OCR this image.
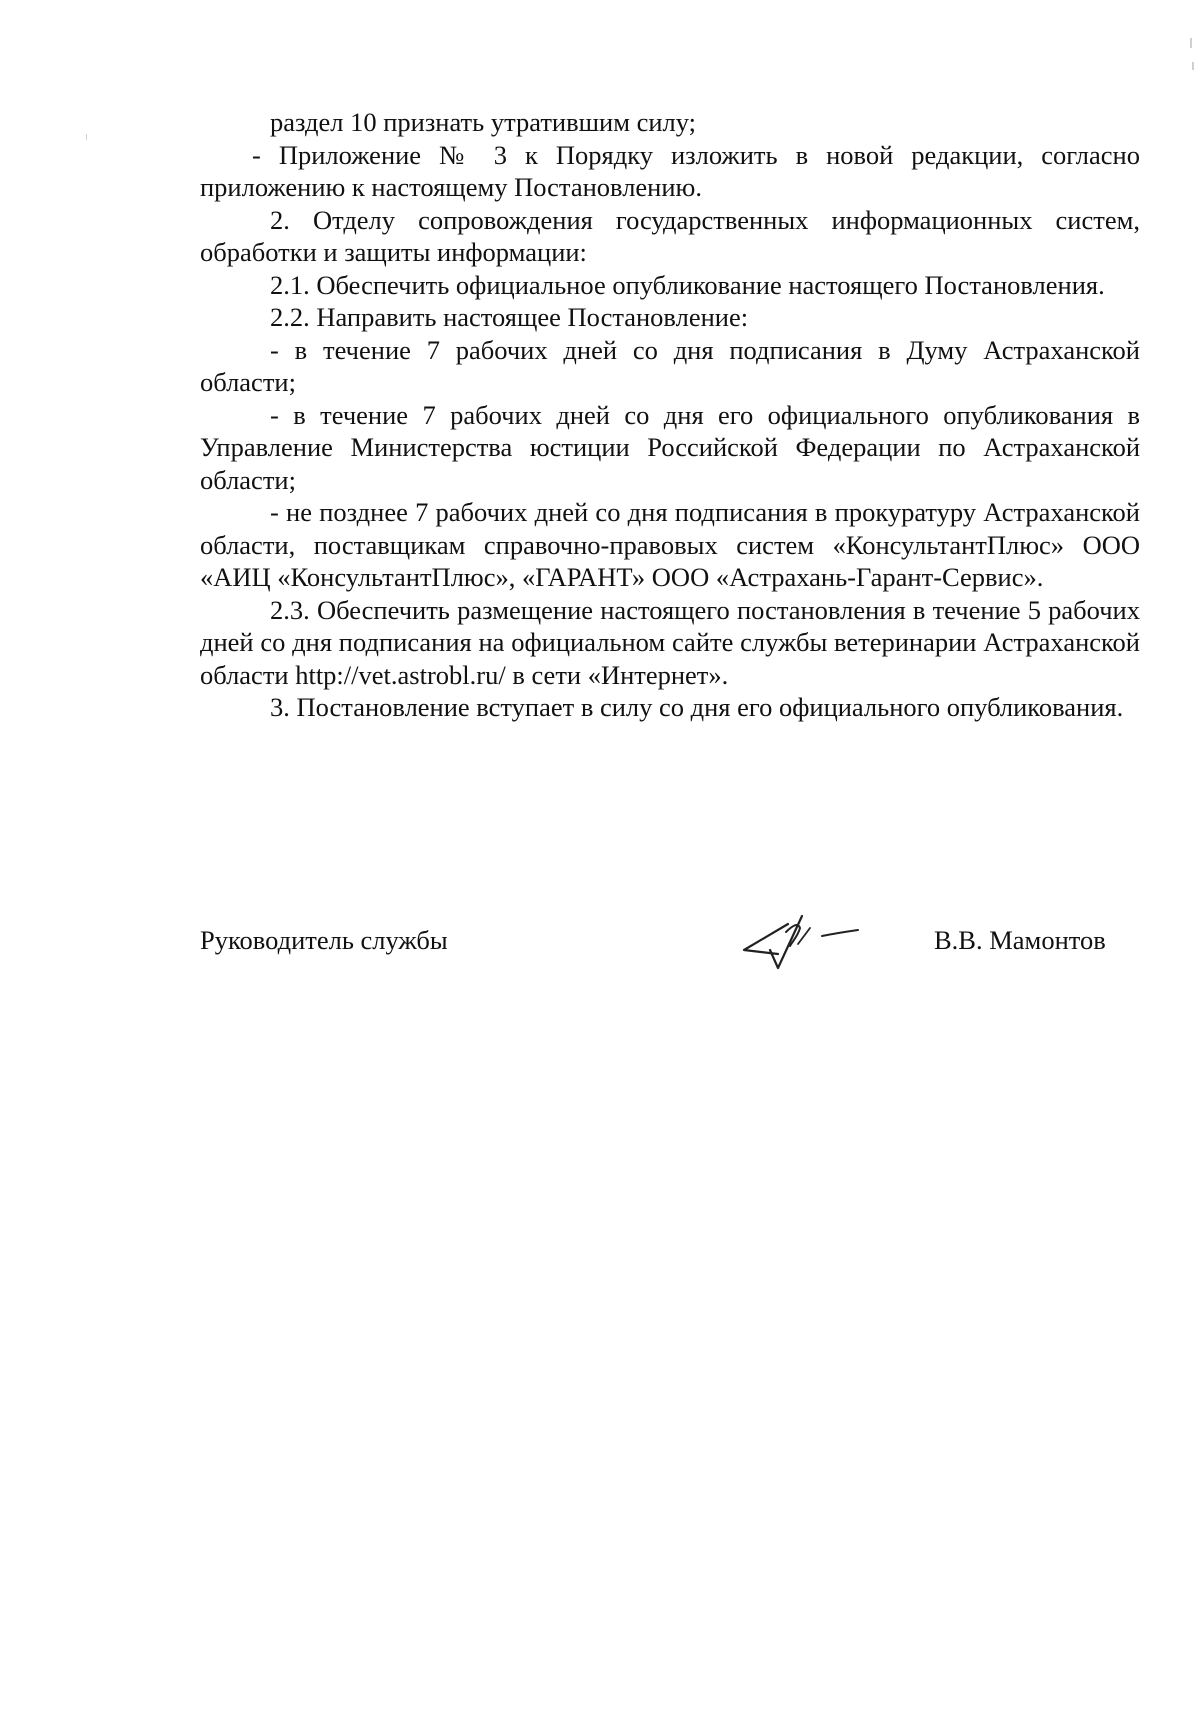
раздел 10 признать утратившим силу;

- Приложение № 3 к Порядку изложить в новой редакции, согласно приложению к настоящему Постановлению.

2. Отделу сопровождения государственных информационных систем, обработки и защиты информации:

2.1. Обеспечить официальное опубликование настоящего Постановления.

2.2. Направить настоящее Постановление:

- в течение 7 рабочих дней со дня подписания в Думу Астраханской области;

- в течение 7 рабочих дней со дня его официального опубликования в Управление Министерства юстиции Российской Федерации по Астраханской области;

- не позднее 7 рабочих дней со дня подписания в прокуратуру Астраханской области, поставщикам справочно-правовых систем «КонсультантПлюс» ООО «АИЦ «КонсультантПлюс», «ГАРАНТ» ООО «Астрахань-Гарант-Сервис».

2.3. Обеспечить размещение настоящего постановления в течение 5 рабочих дней со дня подписания на официальном сайте службы ветеринарии Астраханской области http://vet.astrobl.ru/ в сети «Интернет».

3. Постановление вступает в силу со дня его официального опубликования.

Руководитель службы	В.В. Мамонтов
